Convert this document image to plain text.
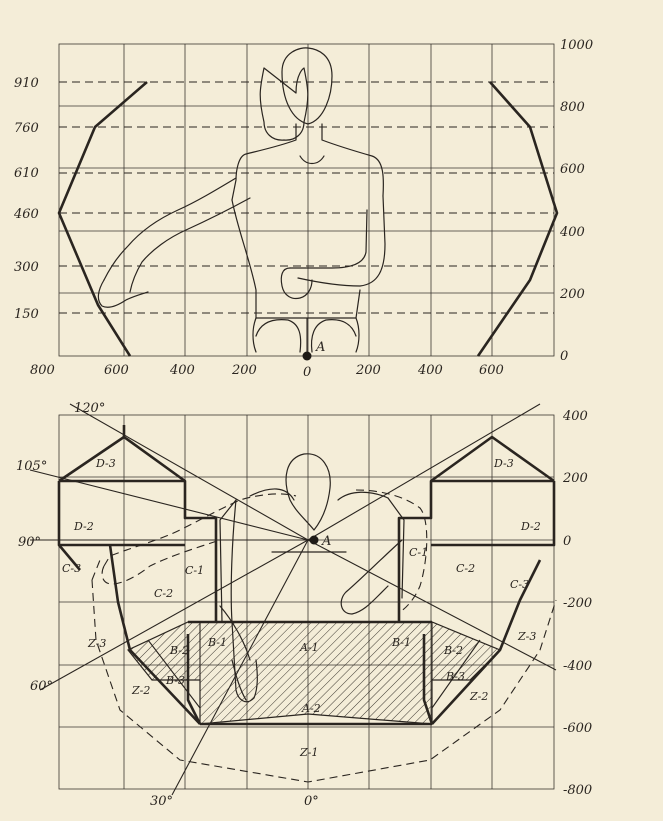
A
910
760
610
460
300
150
1000
800
600
400
200
0
800	600	400	200	0	200	400	600
A
D-3	D-3
D-2	D-2
C-3
C-3
C-2
C-2
C-1
C-1
B-1	B-1
B-2	B-2
B-3	B-3
A-1
A-2
Z-1
Z-2	Z-2
Z-3
Z-3
120°
105°
90°
60°
30°	0°
400
200
0
-200
-400
-600
-800
